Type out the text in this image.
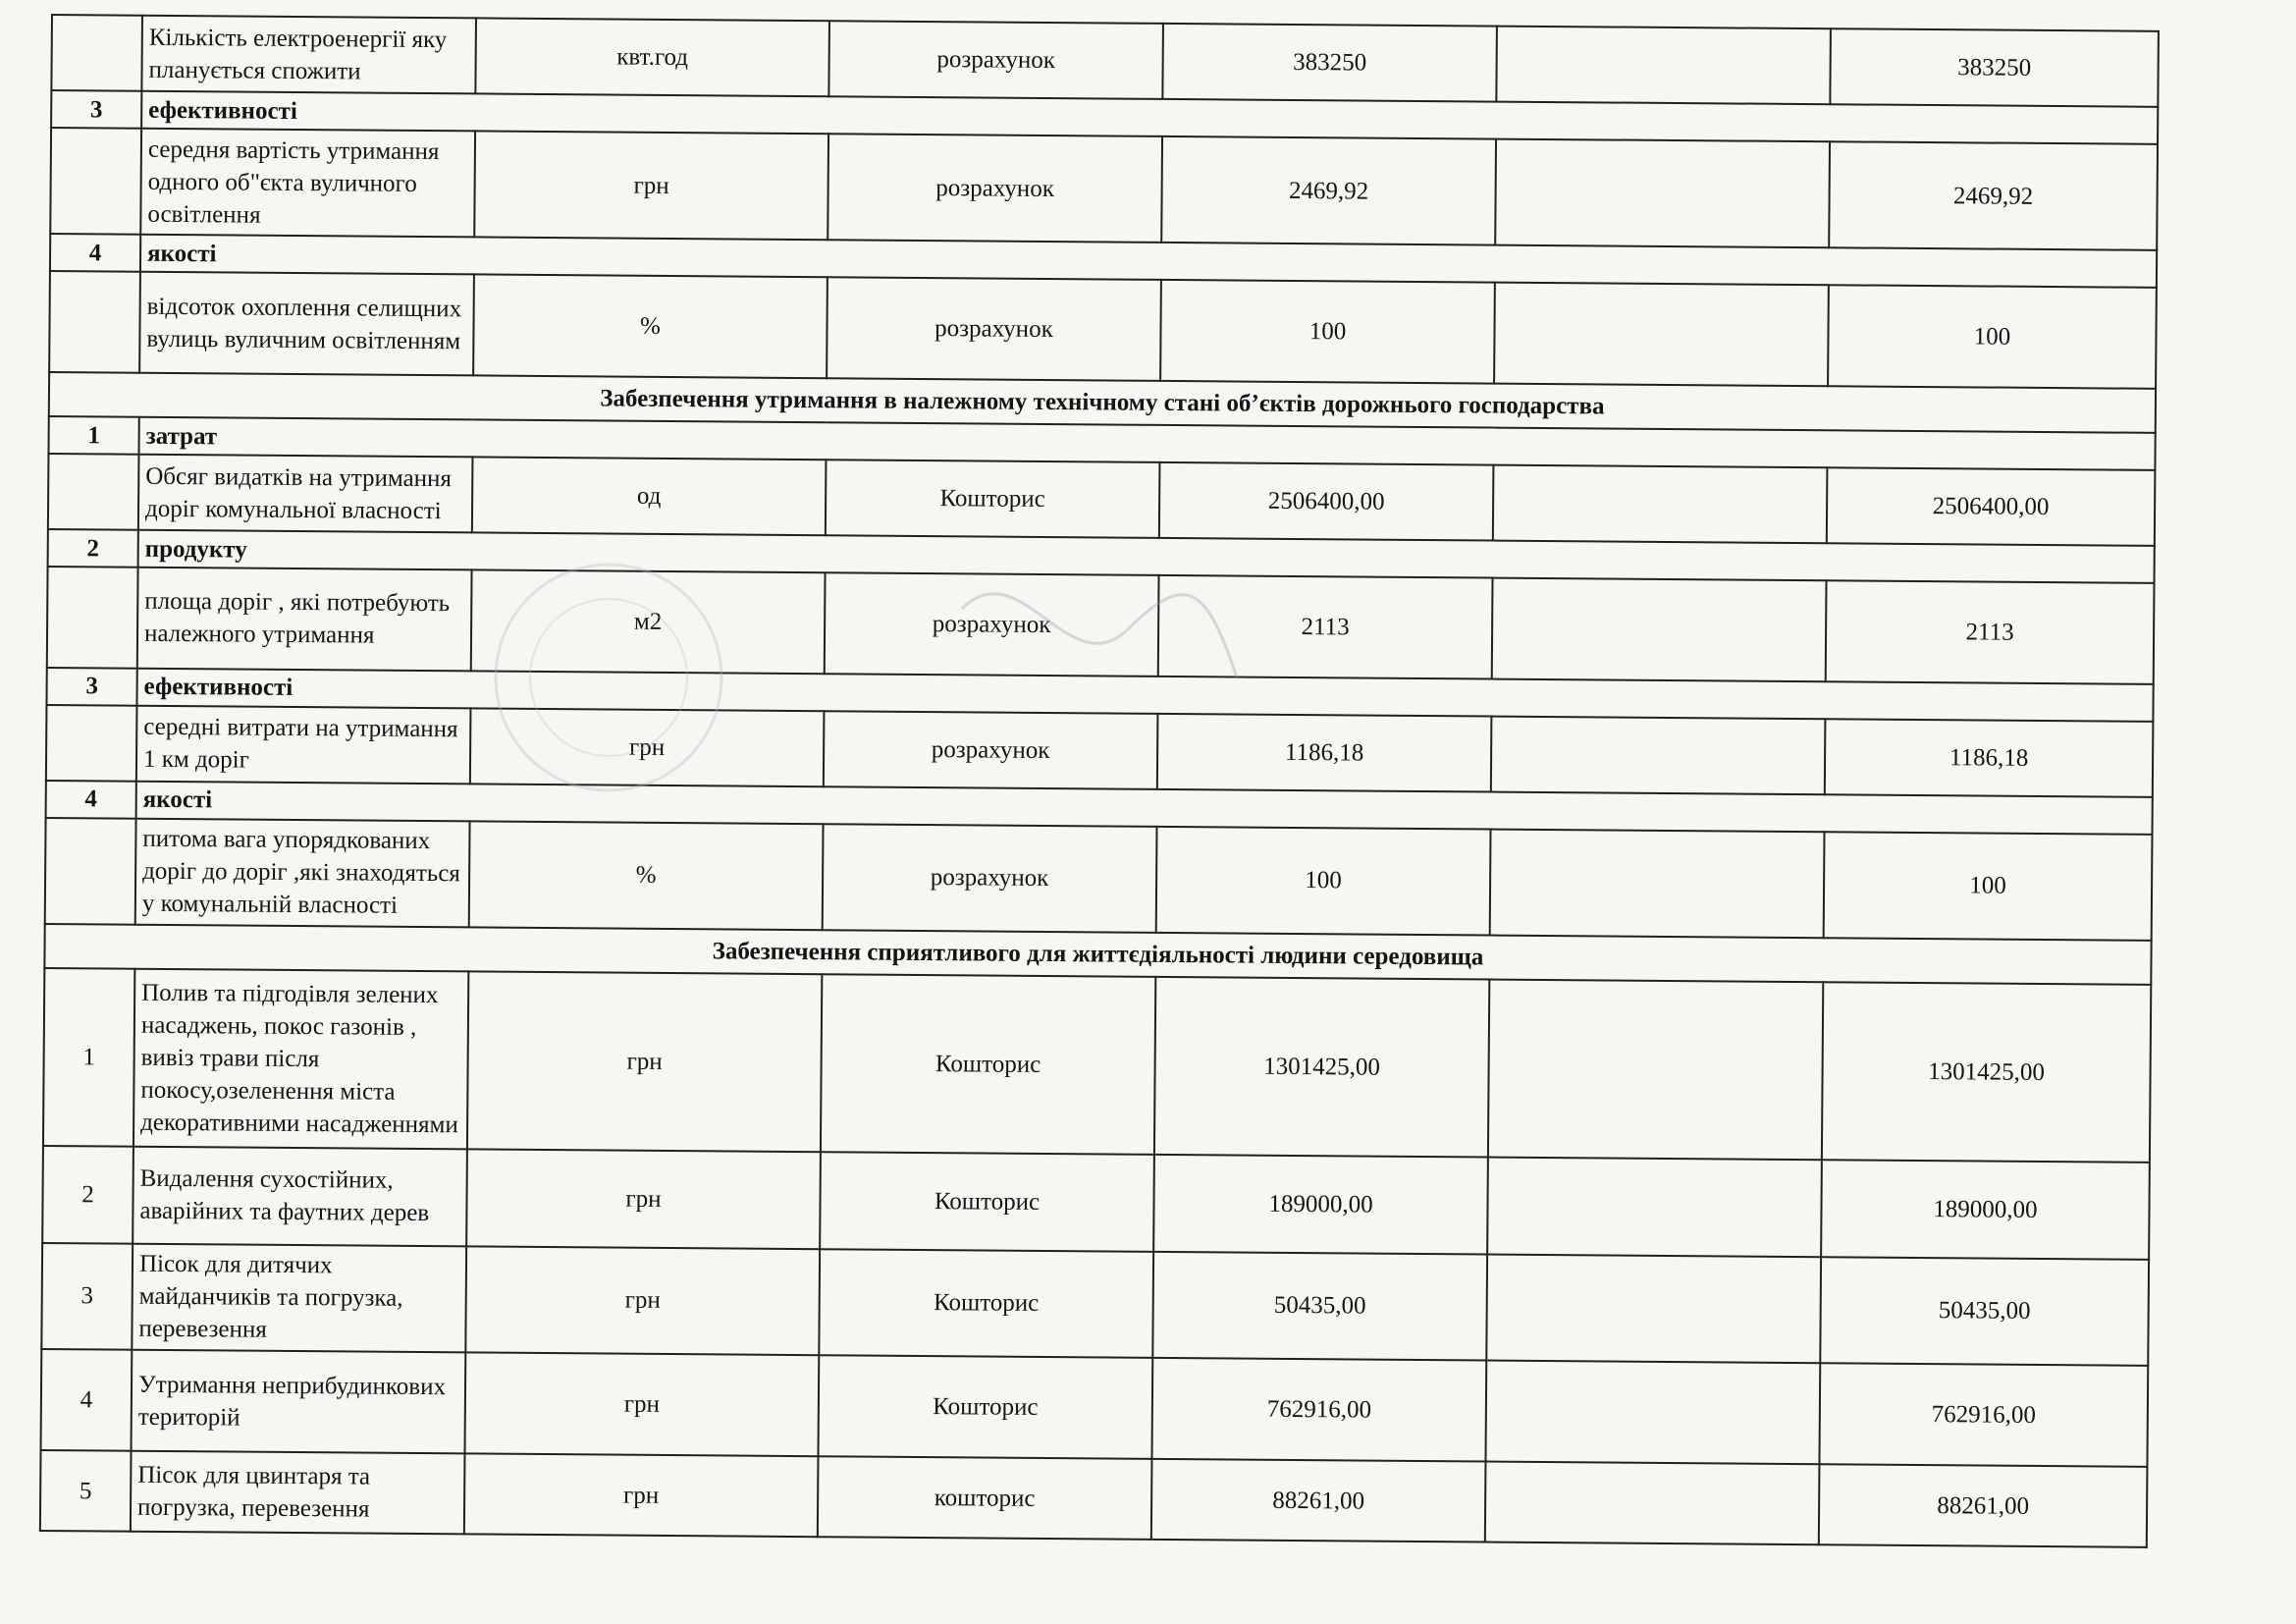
	Кількість електроенергії яку планується спожити	квт.год	розрахунок	383250		383250
3	ефективності					
	середня вартість утримання одного об"єкта вуличного освітлення	грн	розрахунок	2469,92		2469,92
4	якості					
	відсоток охоплення селищних вулиць вуличним освітленням	%	розрахунок	100		100
Забезпечення утримання в належному технічному стані об’єктів дорожнього господарства						
1	затрат					
	Обсяг видатків на утримання доріг комунальної власності	од	Кошторис	2506400,00		2506400,00
2	продукту					
	площа доріг , які потребують належного утримання	м2	розрахунок	2113		2113
3	ефективності					
	середні витрати на утримання 1 км доріг	грн	розрахунок	1186,18		1186,18
4	якості					
	питома вага упорядкованих доріг до доріг ,які знаходяться у комунальній власності	%	розрахунок	100		100
Забезпечення сприятливого для життєдіяльності людини середовища						
1	Полив та підгодівля зелених насаджень, покос газонів , вивіз трави після покосу,озеленення міста декоративними насадженнями	грн	Кошторис	1301425,00		1301425,00
2	Видалення сухостійних, аварійних та фаутних дерев	грн	Кошторис	189000,00		189000,00
3	Пісок для дитячих майданчиків та погрузка, перевезення	грн	Кошторис	50435,00		50435,00
4	Утримання неприбудинкових територій	грн	Кошторис	762916,00		762916,00
5	Пісок для цвинтаря та погрузка, перевезення	грн	кошторис	88261,00		88261,00
